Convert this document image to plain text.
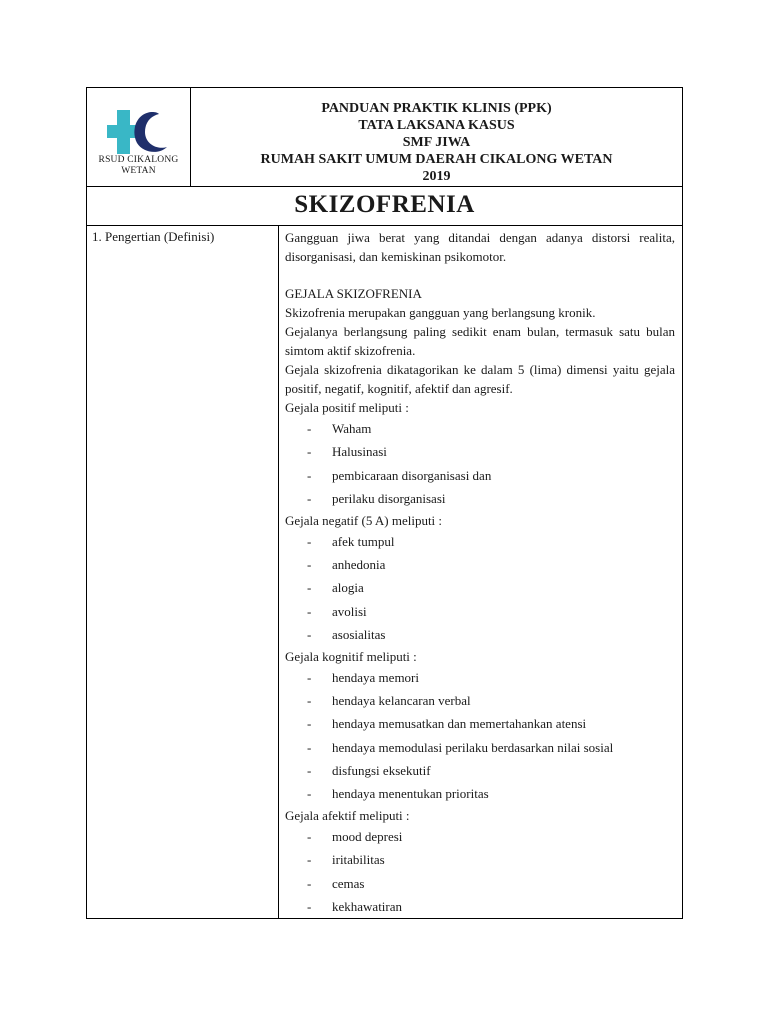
RSUD CIKALONG WETAN
PANDUAN PRAKTIK KLINIS (PPK)
TATA LAKSANA KASUS
SMF JIWA
RUMAH SAKIT UMUM DAERAH CIKALONG WETAN
2019
SKIZOFRENIA
1. Pengertian (Definisi)	Gangguan jiwa berat yang ditandai dengan adanya distorsi realita, disorganisasi, dan kemiskinan psikomotor.

GEJALA SKIZOFRENIA

Skizofrenia merupakan gangguan yang berlangsung kronik.

Gejalanya berlangsung paling sedikit enam bulan, termasuk satu bulan simtom aktif skizofrenia.

Gejala skizofrenia dikatagorikan ke dalam 5 (lima) dimensi yaitu gejala positif, negatif, kognitif, afektif dan agresif.

Gejala positif meliputi :
- Waham
- Halusinasi
- pembicaraan disorganisasi dan
- perilaku disorganisasi
Gejala negatif (5 A) meliputi :
- afek tumpul
- anhedonia
- alogia
- avolisi
- asosialitas
Gejala kognitif meliputi :
- hendaya memori
- hendaya kelancaran verbal
- hendaya memusatkan dan memertahankan atensi
- hendaya memodulasi perilaku berdasarkan nilai sosial
- disfungsi eksekutif
- hendaya menentukan prioritas
Gejala afektif meliputi :
- mood depresi
- iritabilitas
- cemas
- kekhawatiran
